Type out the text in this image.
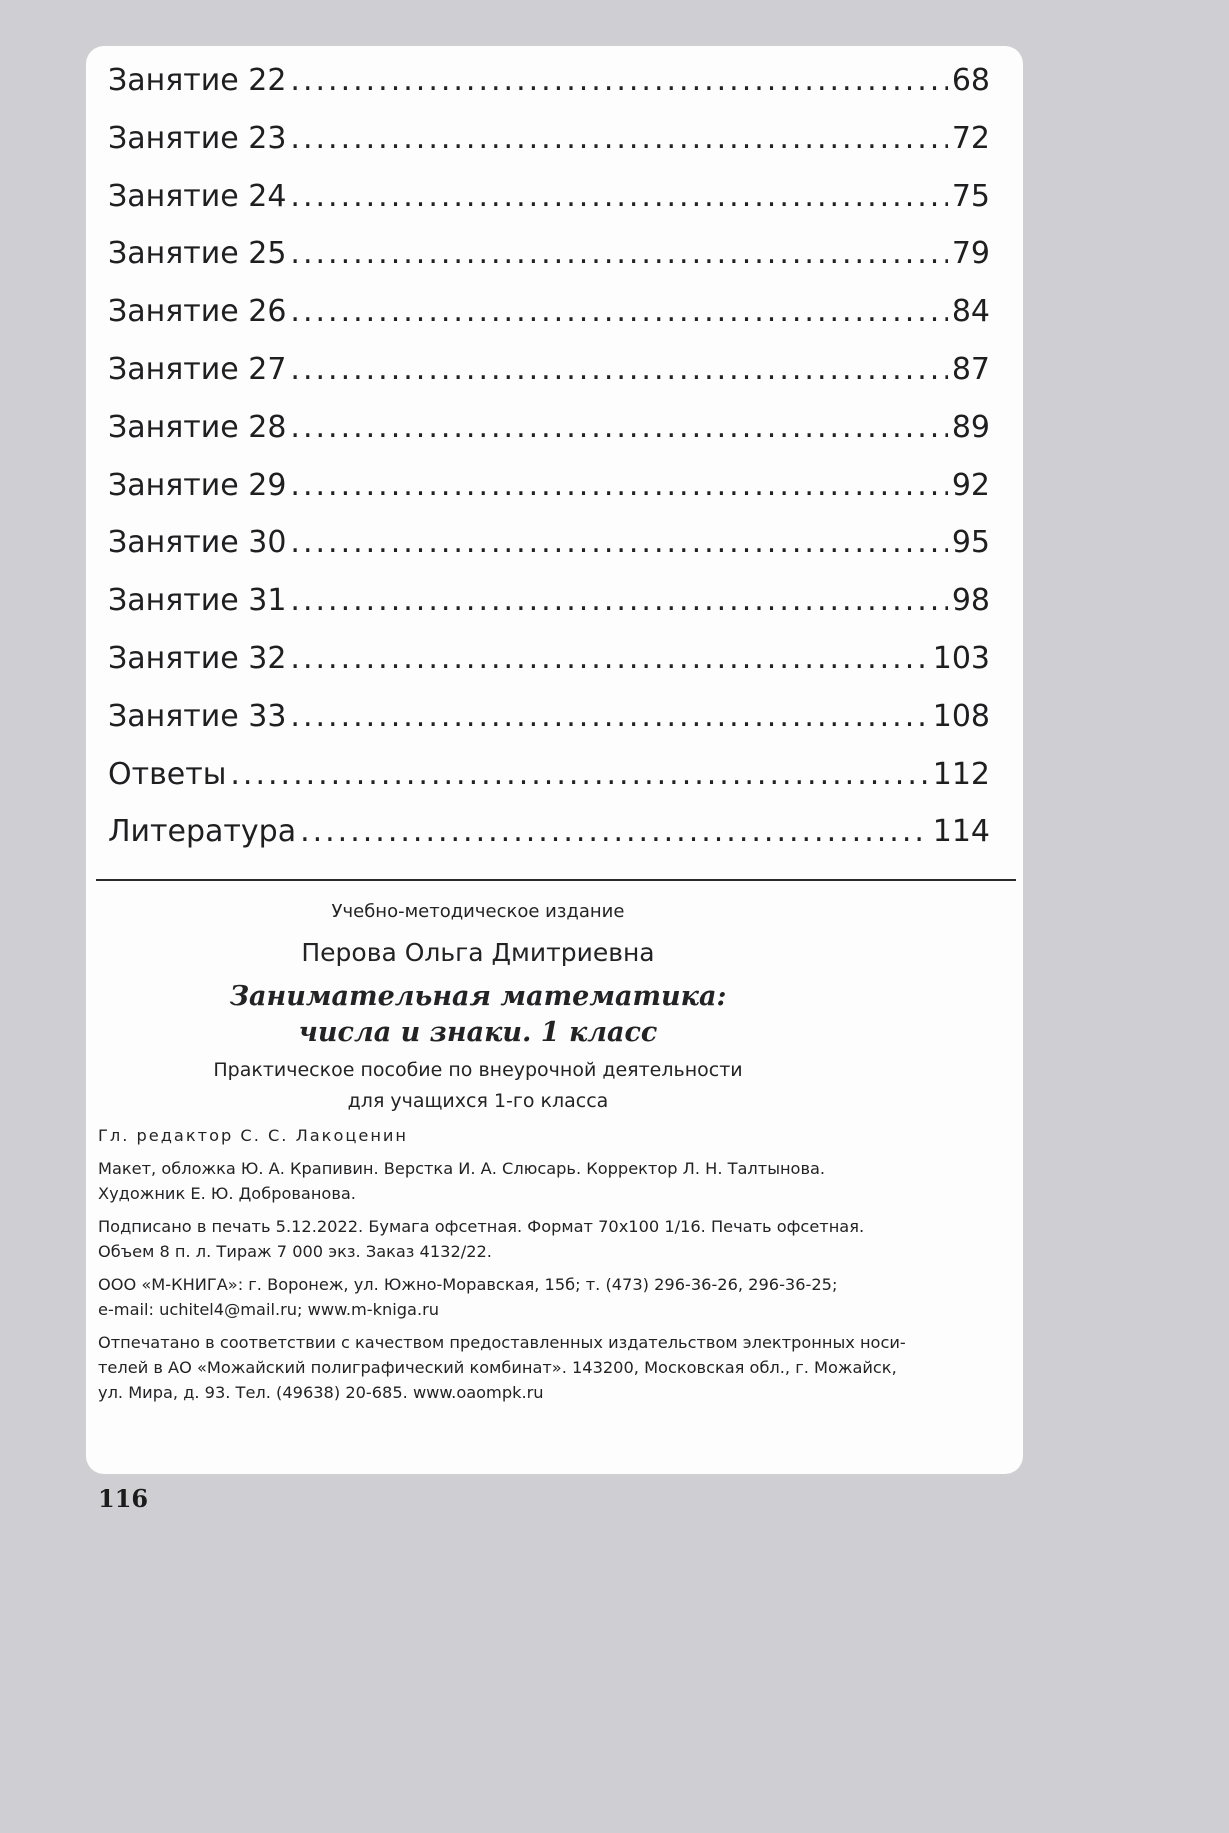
Занятие 22 .....	68
Занятие 23 .....	72
Занятие 24 .....	75
Занятие 25 .....	79
Занятие 26 .....	84
Занятие 27 .....	87
Занятие 28 .....	89
Занятие 29 .....	92
Занятие 30 .....	95
Занятие 31 .....	98
Занятие 32 .....	103
Занятие 33 .....	108
Ответы .....	112
Литература .....	114
Учебно-методическое издание
Перова Ольга Дмитриевна
Занимательная математика:
числа и знаки. 1 класс
Практическое пособие по внеурочной деятельности
для учащихся 1-го класса
Гл. редактор С. С. Лакоценин
Макет, обложка Ю. А. Крапивин. Верстка И. А. Слюсарь. Корректор Л. Н. Талтынова.
Художник Е. Ю. Доброванова.
Подписано в печать 5.12.2022. Бумага офсетная. Формат 70х100 1/16. Печать офсетная.
Объем 8 п. л. Тираж 7 000 экз. Заказ 4132/22.
ООО «М-КНИГА»: г. Воронеж, ул. Южно-Моравская, 15б; т. (473) 296-36-26, 296-36-25;
e-mail: uchitel4@mail.ru; www.m-kniga.ru
Отпечатано в соответствии с качеством предоставленных издательством электронных носи-
телей в АО «Можайский полиграфический комбинат». 143200, Московская обл., г. Можайск,
ул. Мира, д. 93. Тел. (49638) 20-685. www.oaompk.ru
116
